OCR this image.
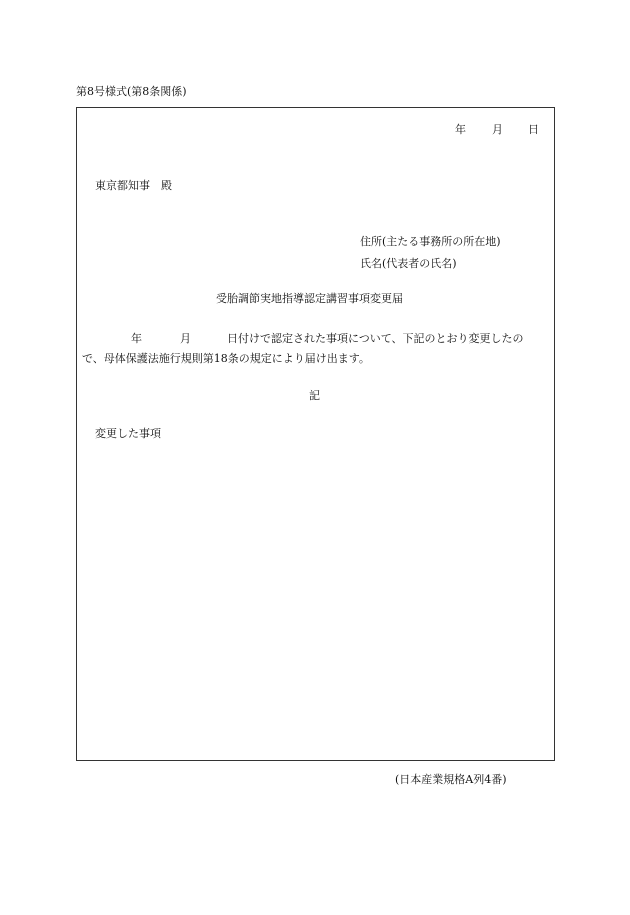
第8号様式(第8条関係)
年 月 日
東京都知事　殿
住所(主たる事務所の所在地)
氏名(代表者の氏名)
受胎調節実地指導認定講習事項変更届
年	月	日付けで認定された事項について、下記のとおり変更したの
で、母体保護法施行規則第18条の規定により届け出ます。
記
変更した事項
(日本産業規格A列4番)
